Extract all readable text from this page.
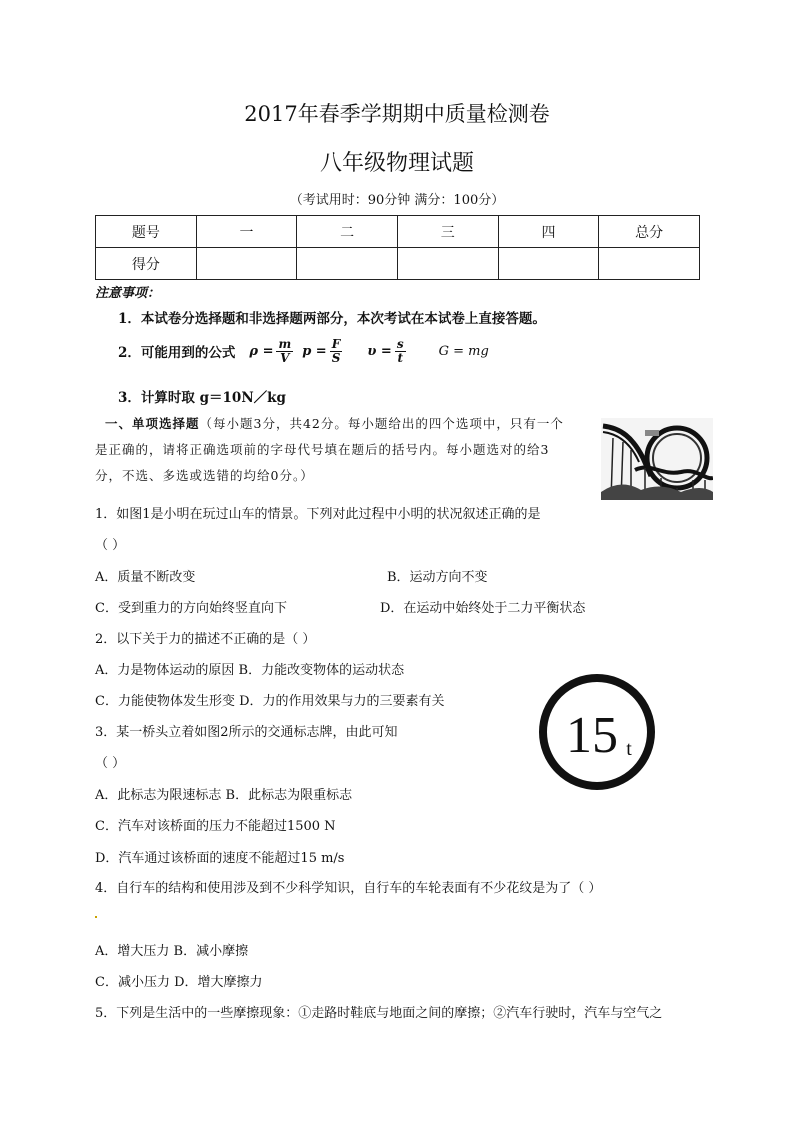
2017年春季学期期中质量检测卷
八年级物理试题
（考试用时：90分钟 满分：100分）
题号	一	二	三	四	总分
得分					
注意事项：
1．本试卷分选择题和非选择题两部分，本次考试在本试卷上直接答题。
2．可能用到的公式 $\rho = \frac{m}{V}$ $p = \frac{F}{S}$ $\upsilon = \frac{s}{t}$	G = mg
3．计算时取 g＝10N／kg
一、单项选择题（每小题3分，共42分。每小题给出的四个选项中，只有一个
是正确的，请将正确选项前的字母代号填在题后的括号内。每小题选对的给3
分，不选、多选或选错的均给0分。）
1．如图1是小明在玩过山车的情景。下列对此过程中小明的状况叙述正确的是
（ ）
A．质量不断改变	B．运动方向不变
C．受到重力的方向始终竖直向下	D．在运动中始终处于二力平衡状态
2．以下关于力的描述不正确的是（ ）
A．力是物体运动的原因 B．力能改变物体的运动状态
C．力能使物体发生形变 D．力的作用效果与力的三要素有关
15 t
3．某一桥头立着如图2所示的交通标志牌，由此可知
（ ）
A．此标志为限速标志 B．此标志为限重标志
C．汽车对该桥面的压力不能超过1500 N
D．汽车通过该桥面的速度不能超过15 m/s
4．自行车的结构和使用涉及到不少科学知识，自行车的车轮表面有不少花纹是为了（ ）
A．增大压力 B．减小摩擦
C．减小压力 D．增大摩擦力
5．下列是生活中的一些摩擦现象：①走路时鞋底与地面之间的摩擦；②汽车行驶时，汽车与空气之
